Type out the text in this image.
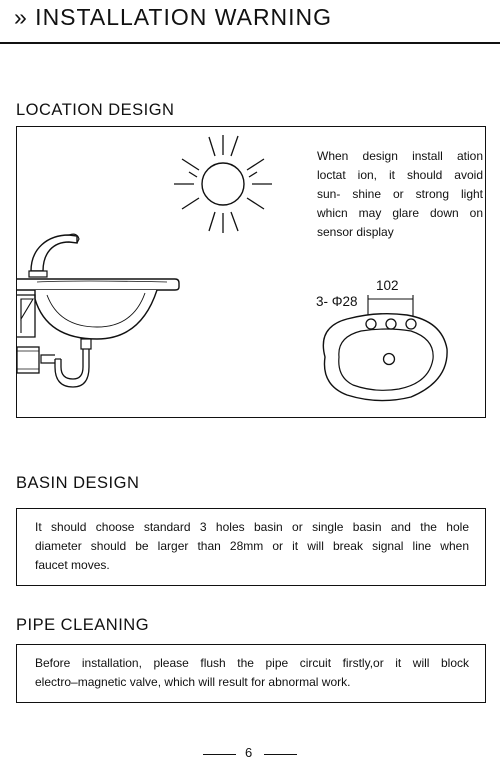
» INSTALLATION WARNING
LOCATION DESIGN
When design install ation
loctat ion, it should avoid
sun- shine or strong light
whicn may glare down on
sensor display
102
3- Φ28
BASIN DESIGN
It should choose standard 3 holes basin or single basin and the hole
diameter should be larger than 28mm or it will break signal line when
faucet moves.
PIPE CLEANING
Before installation, please flush the pipe circuit firstly,or it will block
electro–magnetic valve, which will result for abnormal work.
6
